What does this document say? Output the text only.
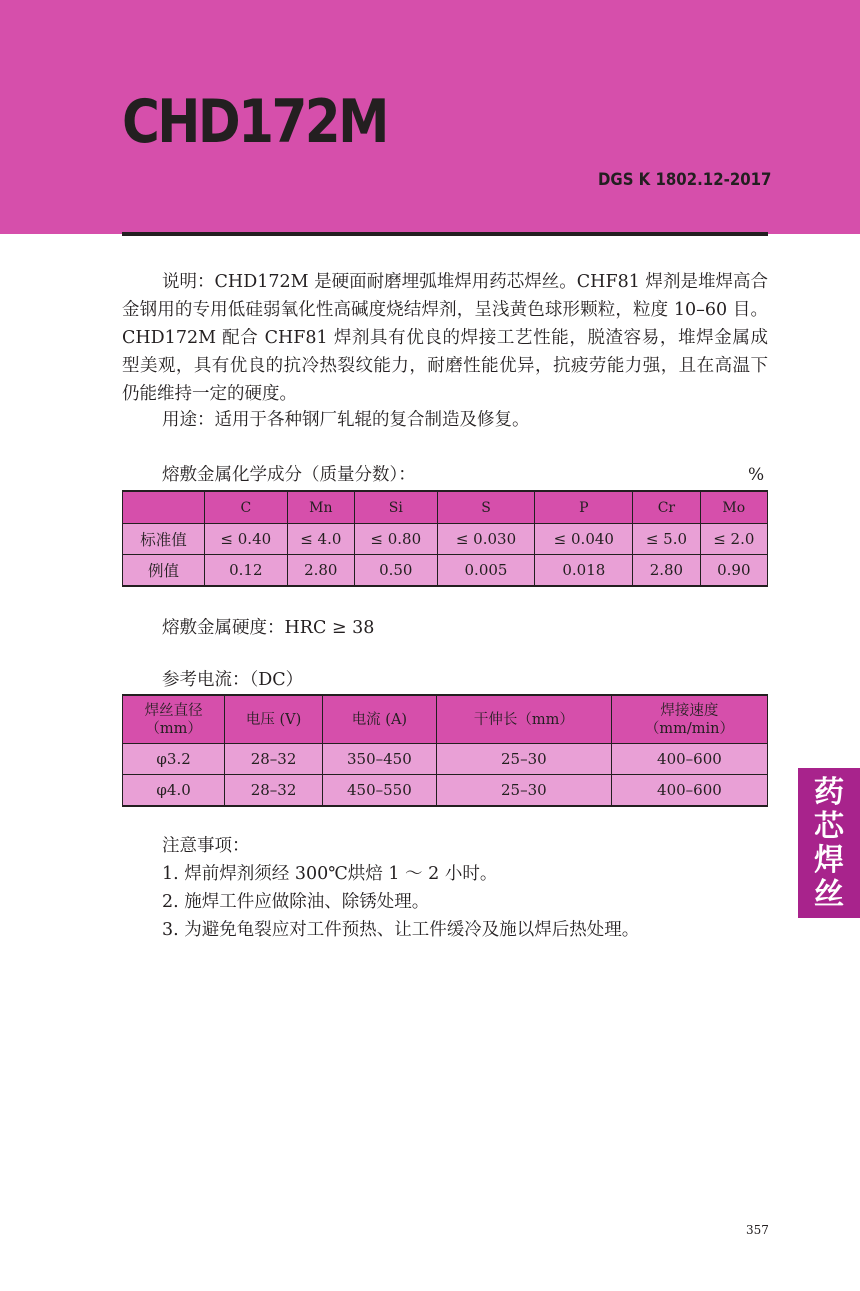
CHD172M
DGS K 1802.12-2017

说明：CHD172M 是硬面耐磨埋弧堆焊用药芯焊丝。CHF81 焊剂是堆焊高合金钢用的专用低硅弱氧化性高碱度烧结焊剂，呈浅黄色球形颗粒，粒度 10–60 目。CHD172M 配合 CHF81 焊剂具有优良的焊接工艺性能，脱渣容易，堆焊金属成型美观，具有优良的抗冷热裂纹能力，耐磨性能优异，抗疲劳能力强，且在高温下仍能维持一定的硬度。

用途：适用于各种钢厂轧辊的复合制造及修复。

熔敷金属化学成分（质量分数）：	%
	C	Mn	Si	S	P	Cr	Mo
标准值	≤ 0.40	≤ 4.0	≤ 0.80	≤ 0.030	≤ 0.040	≤ 5.0	≤ 2.0
例值	0.12	2.80	0.50	0.005	0.018	2.80	0.90
熔敷金属硬度：HRC ≥ 38
参考电流：（DC）
焊丝直径
（mm）	电压 (V)	电流 (A)	干伸长（mm）	焊接速度
（mm/min）
φ3.2	28–32	350–450	25–30	400–600
φ4.0	28–32	450–550	25–30	400–600
注意事项：
1. 焊前焊剂须经 300℃烘焙 1 ～ 2 小时。
2. 施焊工件应做除油、除锈处理。
3. 为避免龟裂应对工件预热、让工件缓冷及施以焊后热处理。
药
芯
焊
丝
357
